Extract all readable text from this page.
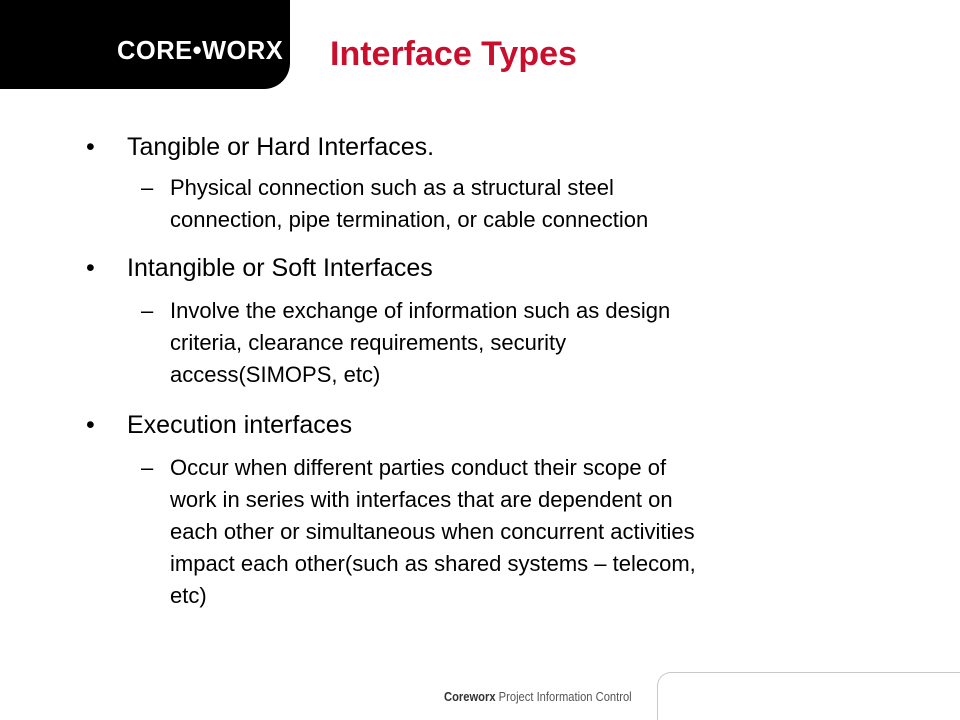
CORE•WORX Interface Types
• Tangible or Hard Interfaces.
– Physical connection such as a structural steel
connection, pipe termination, or cable connection
• Intangible or Soft Interfaces
– Involve the exchange of information such as design
criteria, clearance requirements, security
access(SIMOPS, etc)
• Execution interfaces
– Occur when different parties conduct their scope of
work in series with interfaces that are dependent on
each other or simultaneous when concurrent activities
impact each other(such as shared systems – telecom,
etc)
Coreworx Project Information Control
